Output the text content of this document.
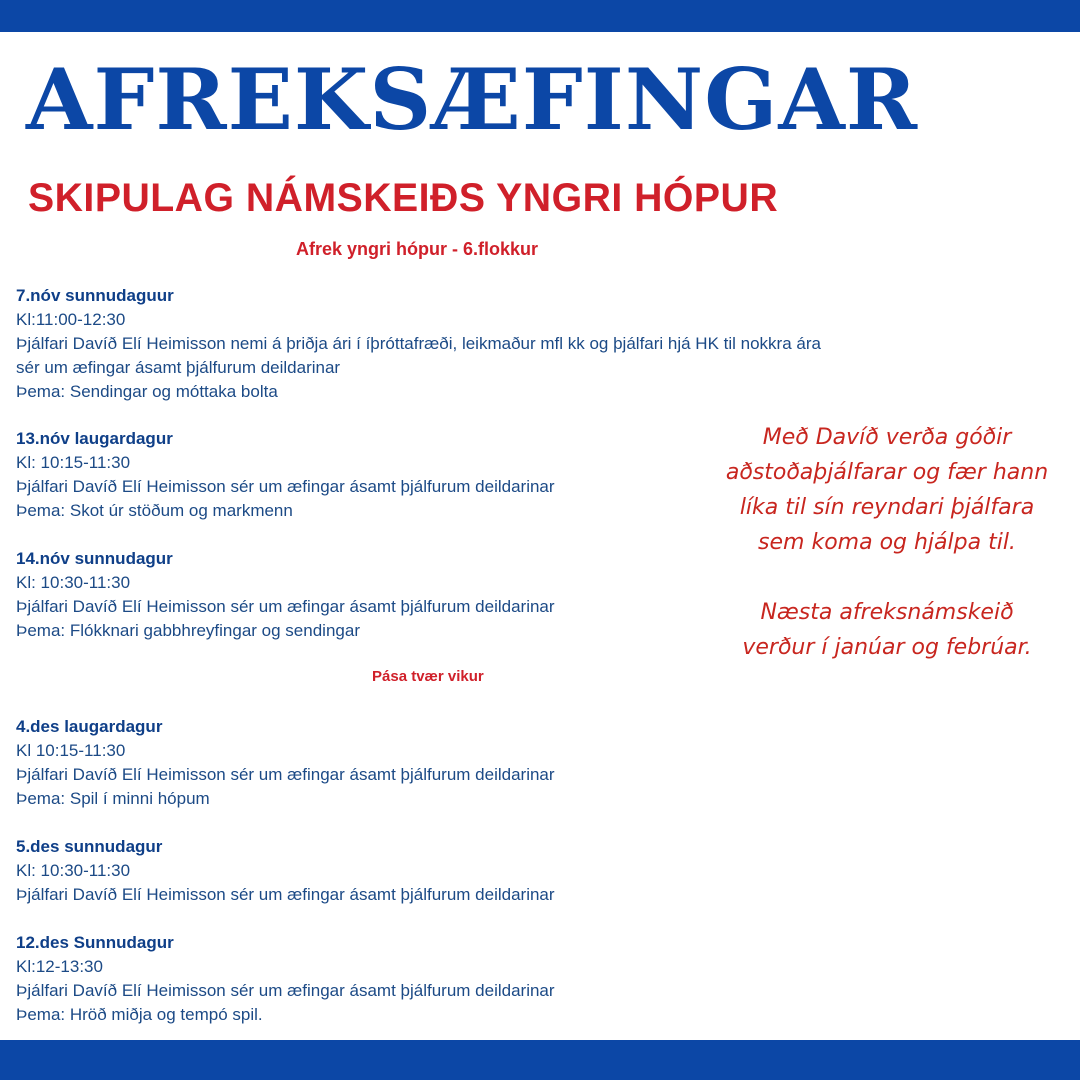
AFREKSÆFINGAR
SKIPULAG NÁMSKEIÐS YNGRI HÓPUR
Afrek yngri hópur - 6.flokkur
7.nóv sunnudaguur
Kl:11:00-12:30
Þjálfari Davíð Elí Heimisson nemi á þriðja ári í íþróttafræði, leikmaður mfl kk og þjálfari hjá HK til nokkra ára sér um æfingar ásamt þjálfurum deildarinar
Þema: Sendingar og móttaka bolta
13.nóv laugardagur
Kl: 10:15-11:30
Þjálfari Davíð Elí Heimisson sér um æfingar ásamt þjálfurum deildarinar
Þema: Skot úr stöðum og markmenn
14.nóv sunnudagur
Kl: 10:30-11:30
Þjálfari Davíð Elí Heimisson sér um æfingar ásamt þjálfurum deildarinar
Þema: Flókknari gabbhreyfingar og sendingar
Pása tvær vikur
4.des laugardagur
Kl 10:15-11:30
Þjálfari Davíð Elí Heimisson sér um æfingar ásamt þjálfurum deildarinar
Þema: Spil í minni hópum
5.des sunnudagur
Kl: 10:30-11:30
Þjálfari Davíð Elí Heimisson sér um æfingar ásamt þjálfurum deildarinar
12.des Sunnudagur
Kl:12-13:30
Þjálfari Davíð Elí Heimisson sér um æfingar ásamt þjálfurum deildarinar
Þema: Hröð miðja og tempó spil.

Með Davíð verða góðir aðstoðaþjálfarar og fær hann líka til sín reyndari þjálfara sem koma og hjálpa til.

Næsta afreksnámskeið verður í janúar og febrúar.
